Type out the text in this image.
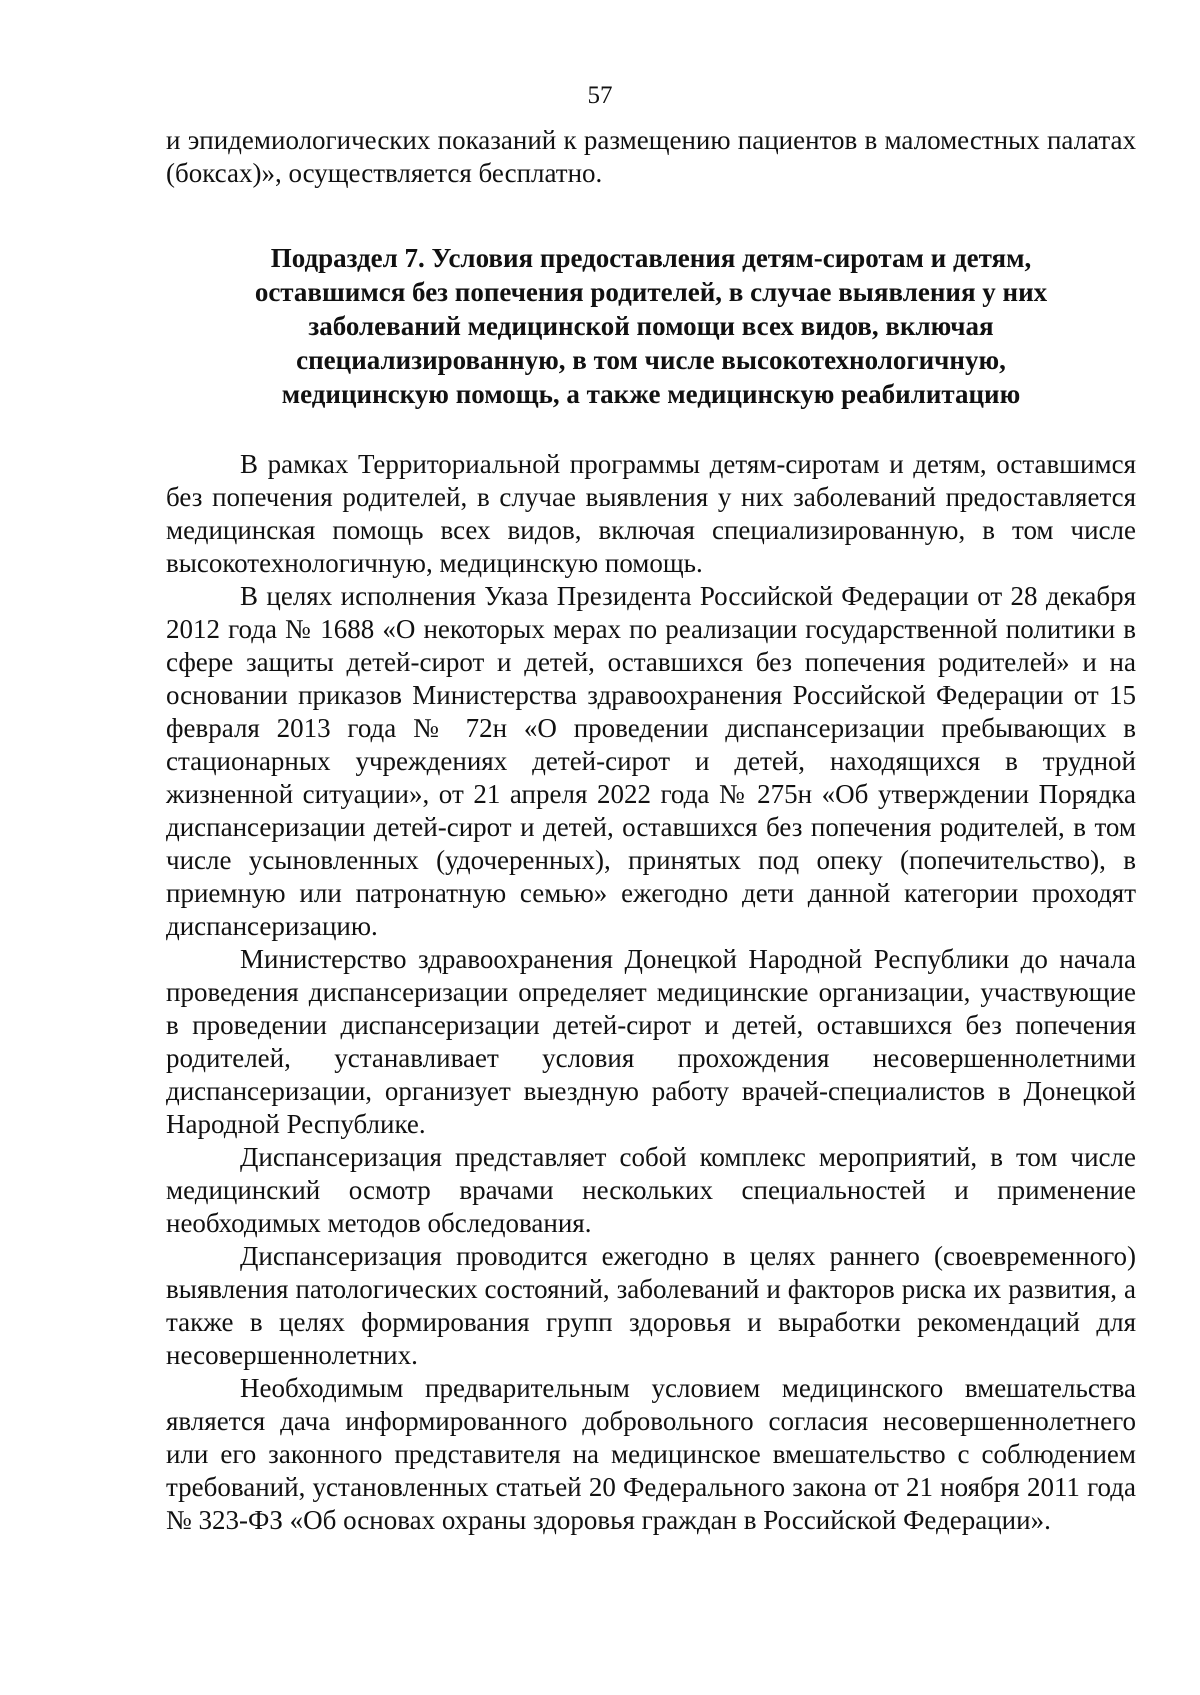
57

и эпидемиологических показаний к размещению пациентов в маломестных палатах (боксах)», осуществляется бесплатно.

Подраздел 7. Условия предоставления детям-сиротам и детям,
оставшимся без попечения родителей, в случае выявления у них
заболеваний медицинской помощи всех видов, включая
специализированную, в том числе высокотехнологичную,
медицинскую помощь, а также медицинскую реабилитацию

В рамках Территориальной программы детям-сиротам и детям, оставшимся без попечения родителей, в случае выявления у них заболеваний предоставляется медицинская помощь всех видов, включая специализированную, в том числе высокотехнологичную, медицинскую помощь.

В целях исполнения Указа Президента Российской Федерации от 28 декабря 2012 года № 1688 «О некоторых мерах по реализации государственной политики в сфере защиты детей-сирот и детей, оставшихся без попечения родителей» и на основании приказов Министерства здравоохранения Российской Федерации от 15 февраля 2013 года № 72н «О проведении диспансеризации пребывающих в стационарных учреждениях детей-сирот и детей, находящихся в трудной жизненной ситуации», от 21 апреля 2022 года № 275н «Об утверждении Порядка диспансеризации детей-сирот и детей, оставшихся без попечения родителей, в том числе усыновленных (удочеренных), принятых под опеку (попечительство), в приемную или патронатную семью» ежегодно дети данной категории проходят диспансеризацию.

Министерство здравоохранения Донецкой Народной Республики до начала проведения диспансеризации определяет медицинские организации, участвующие в проведении диспансеризации детей-сирот и детей, оставшихся без попечения родителей, устанавливает условия прохождения несовершеннолетними диспансеризации, организует выездную работу врачей-специалистов в Донецкой Народной Республике.

Диспансеризация представляет собой комплекс мероприятий, в том числе медицинский осмотр врачами нескольких специальностей и применение необходимых методов обследования.

Диспансеризация проводится ежегодно в целях раннего (своевременного) выявления патологических состояний, заболеваний и факторов риска их развития, а также в целях формирования групп здоровья и выработки рекомендаций для несовершеннолетних.

Необходимым предварительным условием медицинского вмешательства является дача информированного добровольного согласия несовершеннолетнего или его законного представителя на медицинское вмешательство с соблюдением требований, установленных статьей 20 Федерального закона от 21 ноября 2011 года № 323-ФЗ «Об основах охраны здоровья граждан в Российской Федерации».
